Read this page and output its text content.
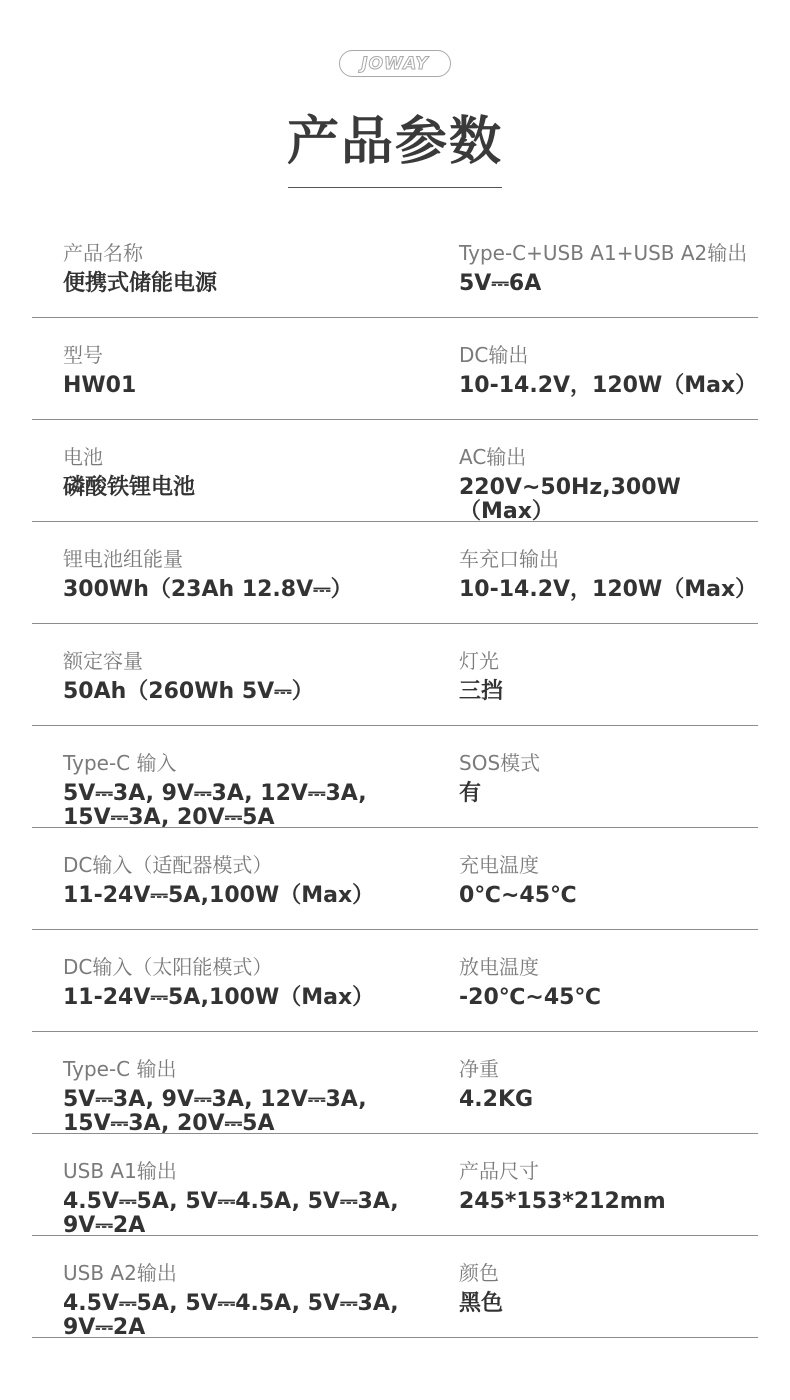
JOWAY
产品参数
产品名称
便携式储能电源
Type-C+USB A1+USB A2输出
5V⎓6A
型号
HW01
DC输出
10-14.2V，120W（Max）
电池
磷酸铁锂电池
AC输出
220V~50Hz,300W（Max）
锂电池组能量
300Wh（23Ah 12.8V⎓）
车充口输出
10-14.2V，120W（Max）
额定容量
50Ah（260Wh 5V⎓）
灯光
三挡
Type-C 输入
5V⎓3A, 9V⎓3A, 12V⎓3A,
15V⎓3A, 20V⎓5A
SOS模式
有
DC输入（适配器模式）
11-24V⎓5A,100W（Max）
充电温度
0℃~45℃
DC输入（太阳能模式）
11-24V⎓5A,100W（Max）
放电温度
-20℃~45℃
Type-C 输出
5V⎓3A, 9V⎓3A, 12V⎓3A,
15V⎓3A, 20V⎓5A
净重
4.2KG
USB A1输出
4.5V⎓5A, 5V⎓4.5A, 5V⎓3A,
9V⎓2A
产品尺寸
245*153*212mm
USB A2输出
4.5V⎓5A, 5V⎓4.5A, 5V⎓3A,
9V⎓2A
颜色
黑色
